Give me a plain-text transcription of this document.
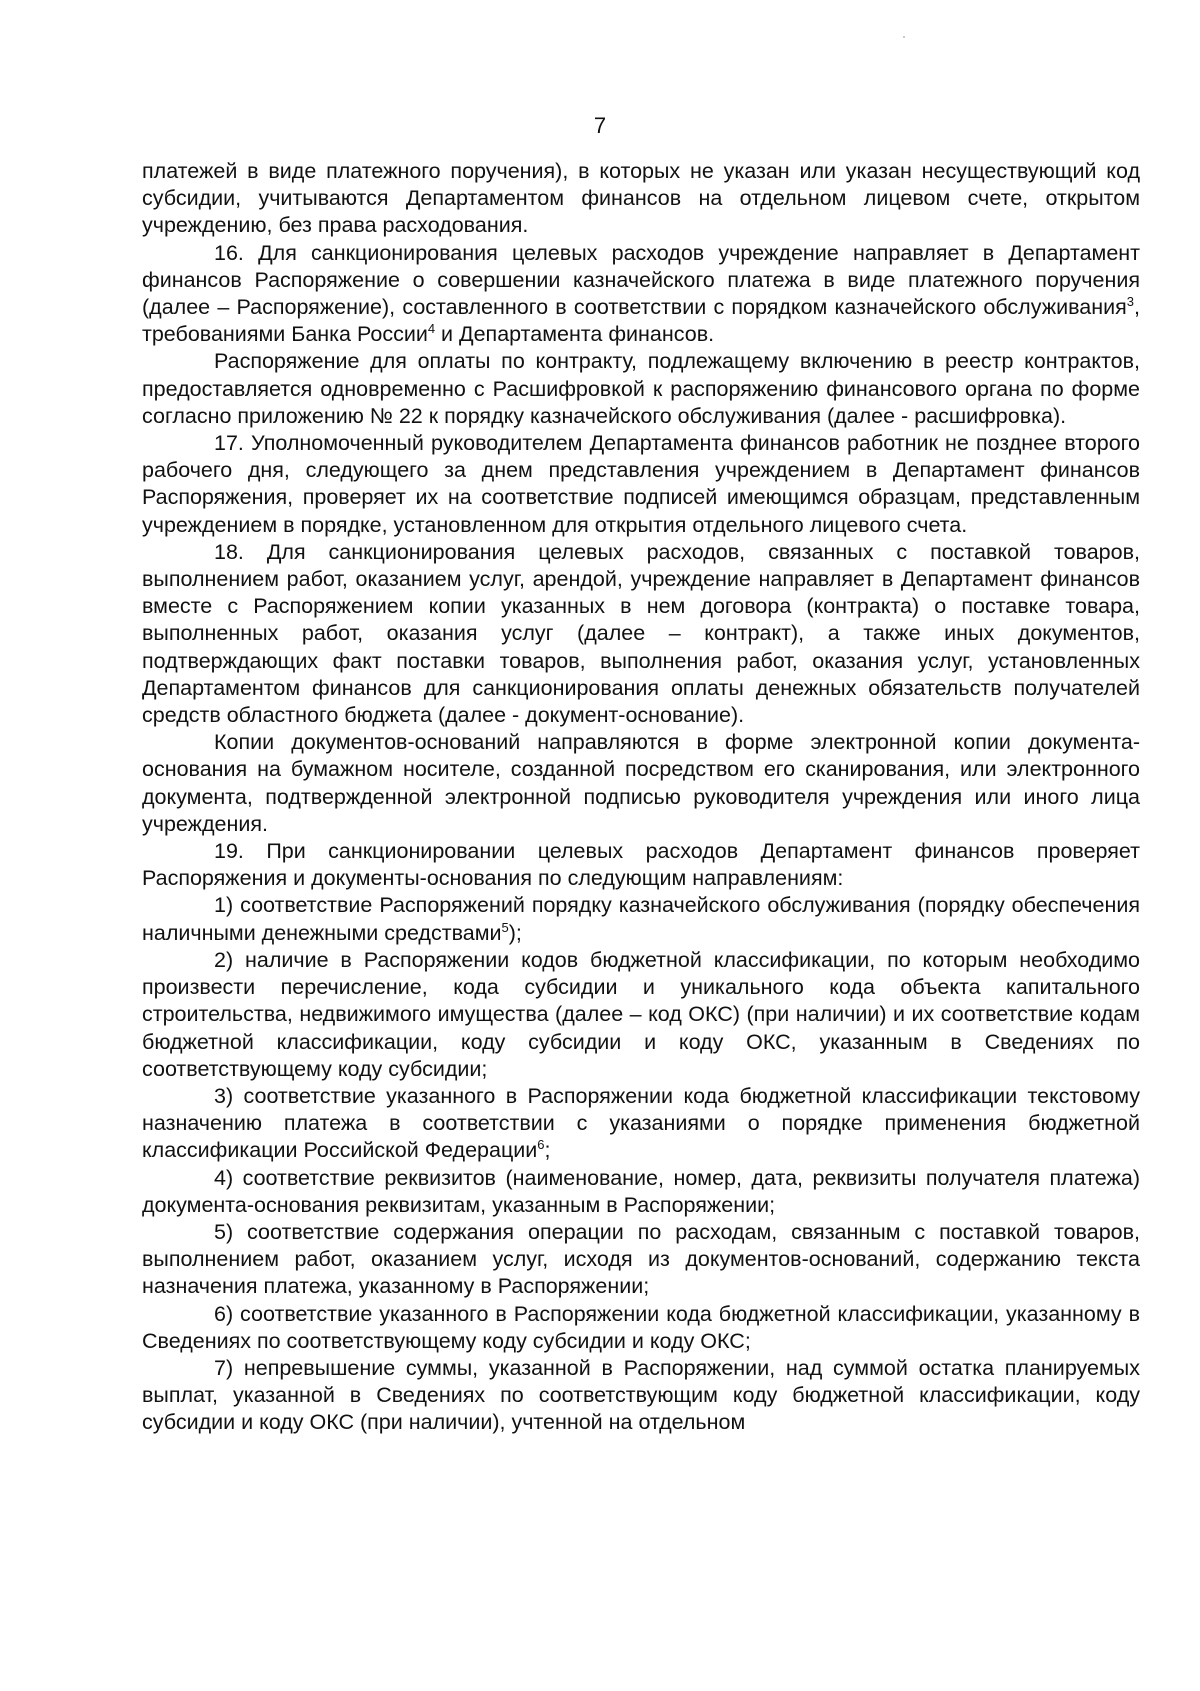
7

платежей в виде платежного поручения), в которых не указан или указан несуществующий код субсидии, учитываются Департаментом финансов на отдельном лицевом счете, открытом учреждению, без права расходования.

16. Для санкционирования целевых расходов учреждение направляет в Департамент финансов Распоряжение о совершении казначейского платежа в виде платежного поручения (далее – Распоряжение), составленного в соответствии с порядком казначейского обслуживания$^3$, требованиями Банка России$^4$ и Департамента финансов.

Распоряжение для оплаты по контракту, подлежащему включению в реестр контрактов, предоставляется одновременно с Расшифровкой к распоряжению финансового органа по форме согласно приложению № 22 к порядку казначейского обслуживания (далее - расшифровка).

17. Уполномоченный руководителем Департамента финансов работник не позднее второго рабочего дня, следующего за днем представления учреждением в Департамент финансов Распоряжения, проверяет их на соответствие подписей имеющимся образцам, представленным учреждением в порядке, установленном для открытия отдельного лицевого счета.

18. Для санкционирования целевых расходов, связанных с поставкой товаров, выполнением работ, оказанием услуг, арендой, учреждение направляет в Департамент финансов вместе с Распоряжением копии указанных в нем договора (контракта) о поставке товара, выполненных работ, оказания услуг (далее – контракт), а также иных документов, подтверждающих факт поставки товаров, выполнения работ, оказания услуг, установленных Департаментом финансов для санкционирования оплаты денежных обязательств получателей средств областного бюджета (далее - документ-основание).

Копии документов-оснований направляются в форме электронной копии документа-основания на бумажном носителе, созданной посредством его сканирования, или электронного документа, подтвержденной электронной подписью руководителя учреждения или иного лица учреждения.

19. При санкционировании целевых расходов Департамент финансов проверяет Распоряжения и документы-основания по следующим направлениям:

1) соответствие Распоряжений порядку казначейского обслуживания (порядку обеспечения наличными денежными средствами$^5$);

2) наличие в Распоряжении кодов бюджетной классификации, по которым необходимо произвести перечисление, кода субсидии и уникального кода объекта капитального строительства, недвижимого имущества (далее – код ОКС) (при наличии) и их соответствие кодам бюджетной классификации, коду субсидии и коду ОКС, указанным в Сведениях по соответствующему коду субсидии;

3) соответствие указанного в Распоряжении кода бюджетной классификации текстовому назначению платежа в соответствии с указаниями о порядке применения бюджетной классификации Российской Федерации$^6$;

4) соответствие реквизитов (наименование, номер, дата, реквизиты получателя платежа) документа-основания реквизитам, указанным в Распоряжении;

5) соответствие содержания операции по расходам, связанным с поставкой товаров, выполнением работ, оказанием услуг, исходя из документов-оснований, содержанию текста назначения платежа, указанному в Распоряжении;

6) соответствие указанного в Распоряжении кода бюджетной классификации, указанному в Сведениях по соответствующему коду субсидии и коду ОКС;

7) непревышение суммы, указанной в Распоряжении, над суммой остатка планируемых выплат, указанной в Сведениях по соответствующим коду бюджетной классификации, коду субсидии и коду ОКС (при наличии), учтенной на отдельном
